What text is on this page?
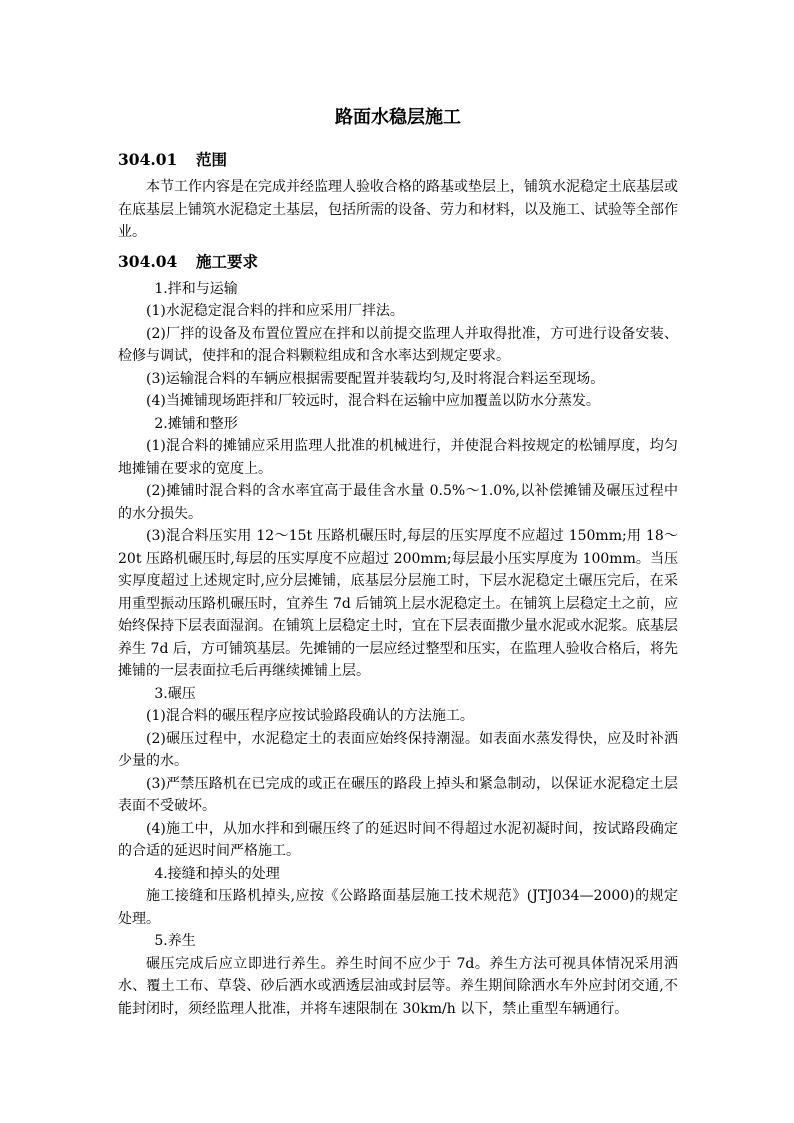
路面水稳层施工
304.01 范围

本节工作内容是在完成并经监理人验收合格的路基或垫层上，铺筑水泥稳定土底基层或在底基层上铺筑水泥稳定土基层，包括所需的设备、劳力和材料，以及施工、试验等全部作业。

304.04 施工要求

1.拌和与运输

(1)水泥稳定混合料的拌和应采用厂拌法。

(2)厂拌的设备及布置位置应在拌和以前提交监理人并取得批准，方可进行设备安装、检修与调试，使拌和的混合料颗粒组成和含水率达到规定要求。

(3)运输混合料的车辆应根据需要配置并装载均匀,及时将混合料运至现场。

(4)当摊铺现场距拌和厂较远时，混合料在运输中应加覆盖以防水分蒸发。

2.摊铺和整形

(1)混合料的摊铺应采用监理人批准的机械进行，并使混合料按规定的松铺厚度，均匀地摊铺在要求的宽度上。

(2)摊铺时混合料的含水率宜高于最佳含水量 0.5%～1.0%,以补偿摊铺及碾压过程中的水分损失。

(3)混合料压实用 12～15t 压路机碾压时,每层的压实厚度不应超过 150mm;用 18～20t 压路机碾压时,每层的压实厚度不应超过 200mm;每层最小压实厚度为 100mm。当压实厚度超过上述规定时,应分层摊铺，底基层分层施工时，下层水泥稳定土碾压完后，在采用重型振动压路机碾压时，宜养生 7d 后铺筑上层水泥稳定土。在铺筑上层稳定土之前，应始终保持下层表面湿润。在铺筑上层稳定土时，宜在下层表面撒少量水泥或水泥浆。底基层养生 7d 后，方可铺筑基层。先摊铺的一层应经过整型和压实，在监理人验收合格后，将先摊铺的一层表面拉毛后再继续摊铺上层。

3.碾压

(1)混合料的碾压程序应按试验路段确认的方法施工。

(2)碾压过程中，水泥稳定土的表面应始终保持潮湿。如表面水蒸发得快，应及时补洒少量的水。

(3)严禁压路机在已完成的或正在碾压的路段上掉头和紧急制动，以保证水泥稳定土层表面不受破坏。

(4)施工中，从加水拌和到碾压终了的延迟时间不得超过水泥初凝时间，按试路段确定的合适的延迟时间严格施工。

4.接缝和掉头的处理

施工接缝和压路机掉头,应按《公路路面基层施工技术规范》(JTJ034—2000)的规定处理。

5.养生

碾压完成后应立即进行养生。养生时间不应少于 7d。养生方法可视具体情况采用洒水、覆土工布、草袋、砂后洒水或洒透层油或封层等。养生期间除洒水车外应封闭交通,不能封闭时，须经监理人批准，并将车速限制在 30km/h 以下，禁止重型车辆通行。
